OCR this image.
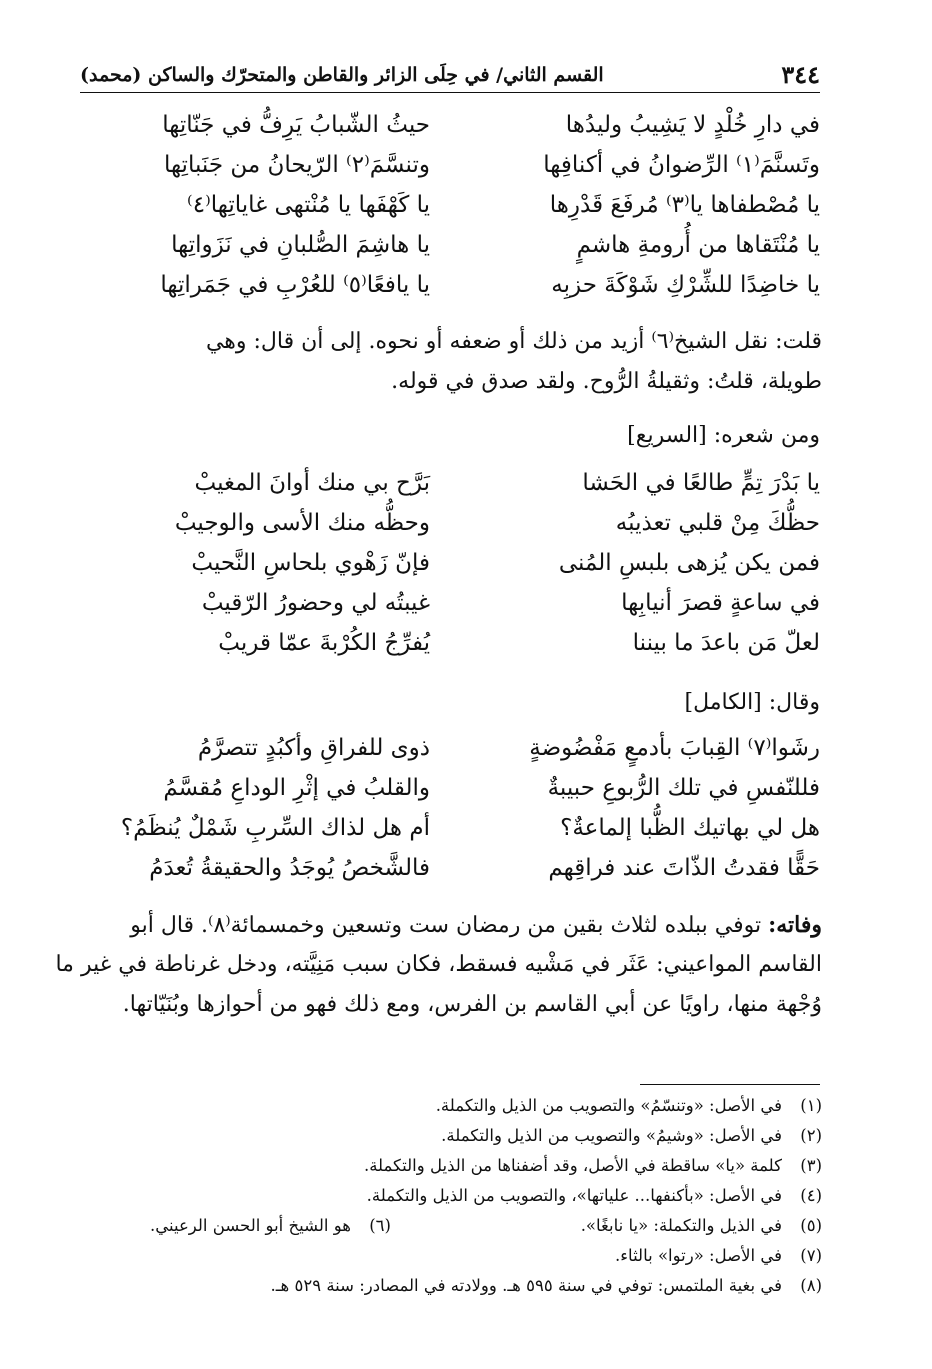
٣٤٤
القسم الثاني/ في حِلَى الزائر والقاطن والمتحرّك والساكن (محمد)
في دارِ خُلْدٍ لا يَشِيبُ وليدُها
حيثُ الشّبابُ يَرِفُّ في جَنّاتِها
وتَسنَّمَ⁽١⁾ الرِّضوانُ في أكنافِها
وتنسَّمَ⁽٢⁾ الرّيحانُ من جَنَباتِها
يا مُصْطفاها يا⁽٣⁾ مُرفَعَ قَدْرِها
يا كَهْفَها يا مُنْتهى غاياتِها⁽٤⁾
يا مُنْتَقاها من أُرومةِ هاشمٍ
يا هاشِمَ الصُّلبانِ في نَزَواتِها
يا خاضِدًا للشِّرْكِ شَوْكَةَ حزبِه
يا يافعًا⁽٥⁾ للعُرْبِ في جَمَراتِها
قلت: نقل الشيخ⁽٦⁾ أزيد من ذلك أو ضعفه أو نحوه. إلى أن قال: وهي
طويلة، قلتُ: وثقيلةُ الرُّوح. ولقد صدق في قوله.
ومن شعره: [السريع]
يا بَدْرَ تِمٍّ طالعًا في الحَشا
بَرَّح بي منك أوانَ المغيبْ
حظُّكَ مِنْ قلبي تعذيبُه
وحظُّه منك الأسى والوجيبْ
فمن يكن يُزهى بلبسِ المُنى
فإنّ زَهْوي بلحاسِ النَّحيبْ
في ساعةٍ قصرَ أنيابِها
غيبتُه لي وحضورُ الرّقيبْ
لعلّ مَن باعدَ ما بيننا
يُفرِّجُ الكُرْبةَ عمّا قريبْ
وقال: [الكامل]
رشَوا⁽٧⁾ القِبابَ بأدمعٍ مَفْضُوضةٍ
ذوى للفراقِ وأكبُدٍ تتصرَّمُ
فللنّفسِ في تلك الرُّبوعِ حبيبةٌ
والقلبُ في إثْرِ الوداعِ مُقسَّمُ
هل لي بهاتيك الظُّبا إلماعةٌ؟
أم هل لذاك السِّربِ شَمْلٌ يُنظَمُ؟
حَقًّا فقدتُ الذّاتَ عند فراقِهم
فالشَّخصُ يُوجَدُ والحقيقةُ تُعدَمُ
وفاته: توفي ببلده لثلاث بقين من رمضان ست وتسعين وخمسمائة⁽٨⁾. قال أبو
القاسم المواعيني: عَثَر في مَشْيه فسقط، فكان سبب مَنِيَّته، ودخل غرناطة في غير ما
وُجْهة منها، راويًا عن أبي القاسم بن الفرس، ومع ذلك فهو من أحوازها وبُنَيّاتها.
(١)في الأصل: «وتنسّمُ» والتصويب من الذيل والتكملة.
(٢)في الأصل: «وشيمُ» والتصويب من الذيل والتكملة.
(٣)كلمة «يا» ساقطة في الأصل، وقد أضفناها من الذيل والتكملة.
(٤)في الأصل: «بأكنفها... علياتها»، والتصويب من الذيل والتكملة.
(٥)في الذيل والتكملة: «يا نابغًا».
(٦)هو الشيخ أبو الحسن الرعيني.
(٧)في الأصل: «رتوا» بالثاء.
(٨)في بغية الملتمس: توفي في سنة ٥٩٥ هـ. وولادته في المصادر: سنة ٥٢٩ هـ.
